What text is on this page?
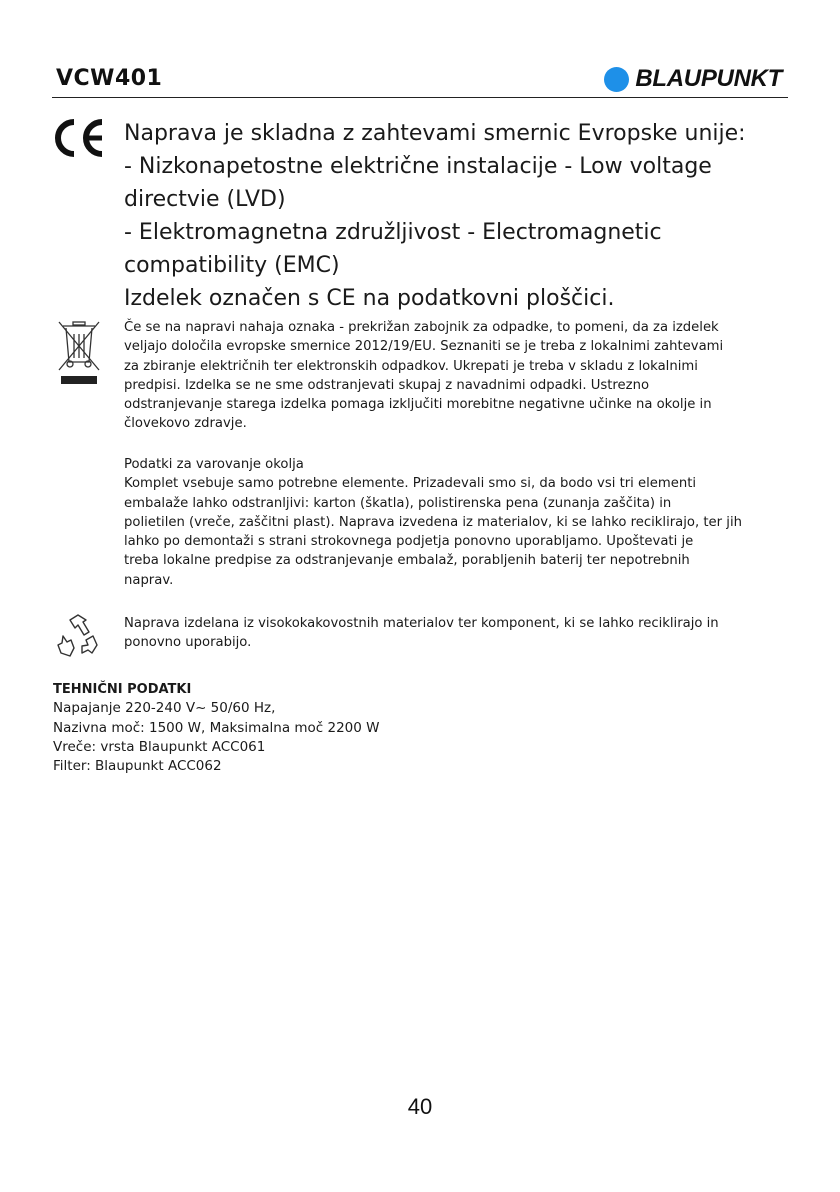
VCW401	BLAUPUNKT
Naprava je skladna z zahtevami smernic Evropske unije:
- Nizkonapetostne električne instalacije - Low voltage
directvie (LVD)
- Elektromagnetna združljivost - Electromagnetic
compatibility (EMC)
Izdelek označen s CE na podatkovni ploščici.
Če se na napravi nahaja oznaka - prekrižan zabojnik za odpadke, to pomeni, da za izdelek
veljajo določila evropske smernice 2012/19/EU. Seznaniti se je treba z lokalnimi zahtevami
za zbiranje električnih ter elektronskih odpadkov. Ukrepati je treba v skladu z lokalnimi
predpisi. Izdelka se ne sme odstranjevati skupaj z navadnimi odpadki. Ustrezno
odstranjevanje starega izdelka pomaga izključiti morebitne negativne učinke na okolje in
človekovo zdravje.
Podatki za varovanje okolja
Komplet vsebuje samo potrebne elemente. Prizadevali smo si, da bodo vsi tri elementi
embalaže lahko odstranljivi: karton (škatla), polistirenska pena (zunanja zaščita) in
polietilen (vreče, zaščitni plast). Naprava izvedena iz materialov, ki se lahko reciklirajo, ter jih
lahko po demontaži s strani strokovnega podjetja ponovno uporabljamo. Upoštevati je
treba lokalne predpise za odstranjevanje embalaž, porabljenih baterij ter nepotrebnih
naprav.
Naprava izdelana iz visokokakovostnih materialov ter komponent, ki se lahko reciklirajo in
ponovno uporabijo.
TEHNIČNI PODATKI
Napajanje 220-240 V~ 50/60 Hz,
Nazivna moč: 1500 W, Maksimalna moč 2200 W
Vreče: vrsta Blaupunkt ACC061
Filter: Blaupunkt ACC062
40
